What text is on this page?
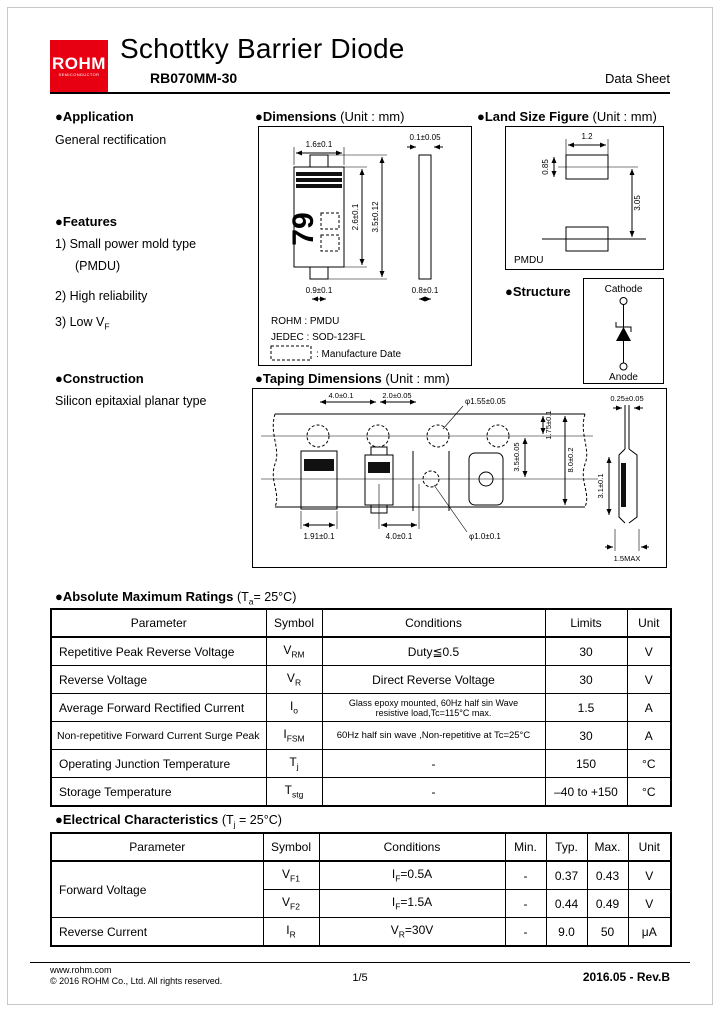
ROHM
SEMICONDUCTOR
Schottky Barrier Diode
RB070MM-30	Data Sheet
●Application
General rectification
●Features
1) Small power mold type
(PMDU)
2) High reliability
3) Low $V_F$
●Construction
Silicon epitaxial planar type
●Dimensions (Unit : mm)
1.6±0.1
79	2.6±0.1 3.5±0.12
0.9±0.1
0.1±0.05
0.8±0.1
ROHM : PMDU
JEDEC : SOD-123FL
: Manufacture Date
●Land Size Figure (Unit : mm)
1.2
0.85
3.05
PMDU
●Structure	Cathode
Anode
●Taping Dimensions (Unit : mm)
4.0±0.1	2.0±0.05
φ1.55±0.05
1.91±0.1	4.0±0.1	φ1.0±0.1
1.75±0.1
3.5±0.05	8.0±0.2
0.25±0.05
3.1±0.1
1.5MAX
●Absolute Maximum Ratings $(T_a= 25^\circ C)$
Parameter	Symbol	Conditions	Limits	Unit
Repetitive Peak Reverse Voltage	$V_{RM}$	Duty≦0.5	30	V
Reverse Voltage	$V_R$	Direct Reverse Voltage	30	V
Average Forward Rectified Current	$I_o$	Glass epoxy mounted, 60Hz half sin Wave
resistive load,Tc=115°C max.	1.5	A
Non-repetitive Forward Current Surge Peak	$I_{FSM}$	60Hz half sin wave ,Non-repetitive at Tc=25°C	30	A
Operating Junction Temperature	$T_j$	-	150	°C
Storage Temperature	$T_{stg}$	-	–40 to +150	°C
●Electrical Characteristics $(T_j = 25^\circ C)$
Parameter	Symbol	Conditions	Min.	Typ.	Max.	Unit
Forward Voltage	$V_{F1}$	$I_F=0.5A$	-	0.37	0.43	V
	$V_{F2}$	$I_F=1.5A$	-	0.44	0.49	V
Reverse Current	$I_R$	$V_R=30V$	-	9.0	50	μA
www.rohm.com
© 2016 ROHM Co., Ltd. All rights reserved.	1/5	2016.05 - Rev.B
